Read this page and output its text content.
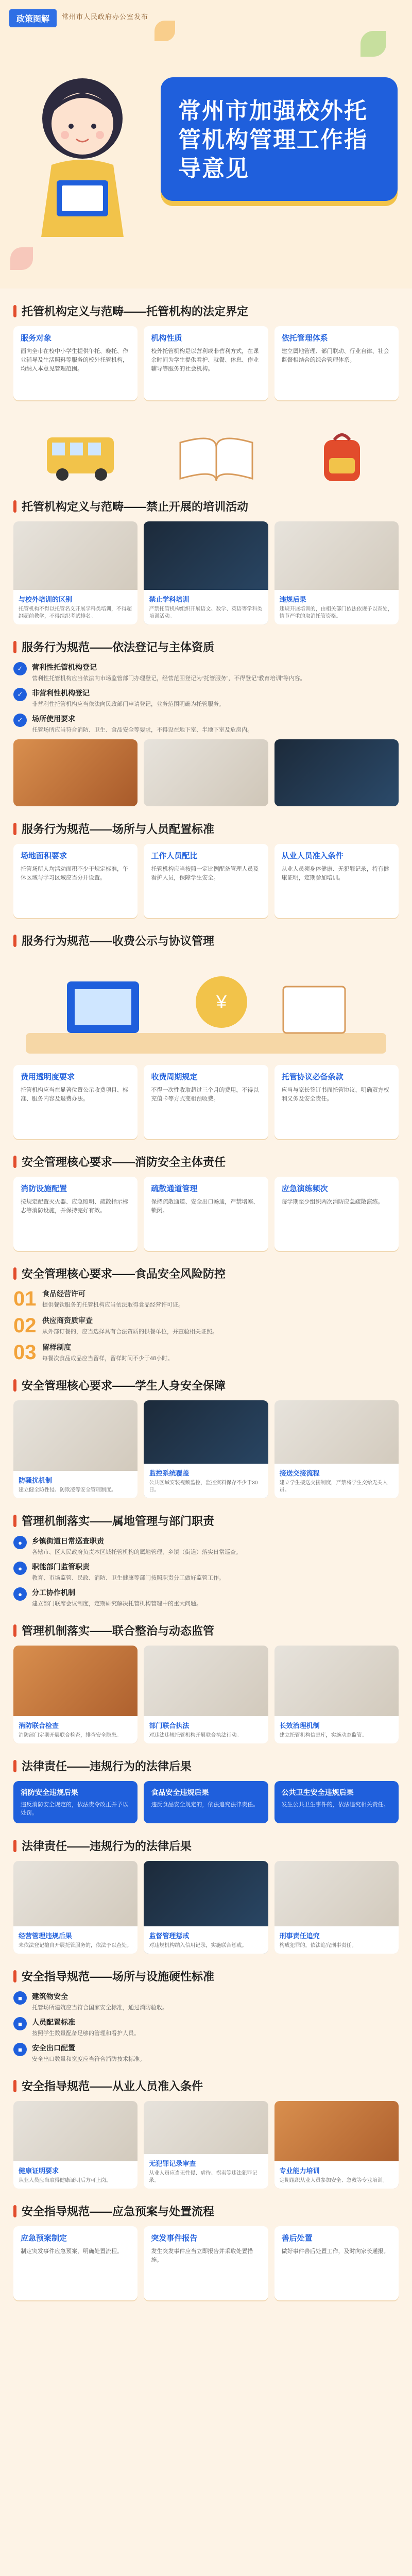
政策图解	常州市人民政府办公室发布
常州市加强校外托管机构管理工作指导意见
托管机构定义与范畴——托管机构的法定界定
服务对象

面向全市在校中小学生提供午托、晚托、作业辅导及生活照料等服务的校外托管机构，均纳入本意见管理范围。

机构性质

校外托管机构是以营利或非营利方式，在课余时间为学生提供看护、就餐、休息、作业辅导等服务的社会机构。

依托管理体系

建立属地管理、部门联动、行业自律、社会监督相结合的综合管理体系。

托管机构定义与范畴——禁止开展的培训活动
与校外培训的区别

托管机构不得以托管名义开展学科类培训，不得超纲超前教学，不得组织考试排名。

禁止学科培训

严禁托管机构组织开展语文、数学、英语等学科类培训活动。

违规后果

违规开展培训的，由相关部门依法依规予以查处，情节严重的取消托管资格。

服务行为规范——依法登记与主体资质
✓	营利性托管机构登记

营利性托管机构应当依法向市场监管部门办理登记，经营范围登记为“托管服务”，不得登记“教育培训”等内容。

✓	非营利性机构登记

非营利性托管机构应当依法向民政部门申请登记，业务范围明确为托管服务。

✓	场所使用要求

托管场所应当符合消防、卫生、食品安全等要求，不得设在地下室、半地下室及危房内。

服务行为规范——场所与人员配置标准
场地面积要求

托管场所人均活动面积不少于规定标准，午休区域与学习区域应当分开设置。

工作人员配比

托管机构应当按照一定比例配备管理人员及看护人员，保障学生安全。

从业人员准入条件

从业人员须身体健康、无犯罪记录，持有健康证明，定期参加培训。

服务行为规范——收费公示与协议管理
¥
费用透明度要求

托管机构应当在显著位置公示收费项目、标准、服务内容及退费办法。

收费周期规定

不得一次性收取超过三个月的费用，不得以充值卡等方式变相预收费。

托管协议必备条款

应当与家长签订书面托管协议，明确双方权利义务及安全责任。

安全管理核心要求——消防安全主体责任
消防设施配置

按规定配置灭火器、应急照明、疏散指示标志等消防设施，并保持完好有效。

疏散通道管理

保持疏散通道、安全出口畅通，严禁堵塞、锁闭。

应急演练频次

每学期至少组织两次消防应急疏散演练。

安全管理核心要求——食品安全风险防控
01 食品经营许可

提供餐饮服务的托管机构应当依法取得食品经营许可证。

02 供应商资质审查

从外部订餐的，应当选择具有合法资质的供餐单位，并查验相关证照。

03 留样制度

每餐次食品成品应当留样，留样时间不少于48小时。

安全管理核心要求——学生人身安全保障
防骚扰机制

建立健全防性侵、防欺凌等安全管理制度。

监控系统覆盖

公共区域安装视频监控，监控资料保存不少于30日。

接送交接流程

建立学生接送交接制度，严禁将学生交给无关人员。

管理机制落实——属地管理与部门职责
●	乡镇街道日常巡查职责

各辖市、区人民政府负责本区域托管机构的属地管理，乡镇（街道）落实日常巡查。

●	职能部门监管职责

教育、市场监管、民政、消防、卫生健康等部门按照职责分工做好监管工作。

●	分工协作机制

建立部门联席会议制度，定期研究解决托管机构管理中的重大问题。

管理机制落实——联合整治与动态监管
消防联合检查

消防部门定期开展联合检查，排查安全隐患。

部门联合执法

对违法违规托管机构开展联合执法行动。

长效治理机制

建立托管机构信息库，实施动态监管。

法律责任——违规行为的法律后果
消防安全违规后果

违反消防安全规定的，依法责令改正并予以处罚。

食品安全违规后果

违反食品安全规定的，依法追究法律责任。

公共卫生安全违规后果

发生公共卫生事件的，依法追究相关责任。

法律责任——违规行为的法律后果
经营管理违规后果

未依法登记擅自开展托管服务的，依法予以查处。

监督管理惩戒

对违规机构纳入信用记录，实施联合惩戒。

刑事责任追究

构成犯罪的，依法追究刑事责任。

安全指导规范——场所与设施硬性标准
■	建筑物安全

托管场所建筑应当符合国家安全标准，通过消防验收。

■	人员配置标准

按照学生数量配备足够的管理和看护人员。

■	安全出口配置

安全出口数量和宽度应当符合消防技术标准。

安全指导规范——从业人员准入条件
健康证明要求

从业人员应当取得健康证明后方可上岗。

无犯罪记录审查

从业人员应当无性侵、虐待、拐卖等违法犯罪记录。

专业能力培训

定期组织从业人员参加安全、急救等专业培训。

安全指导规范——应急预案与处置流程
应急预案制定

制定突发事件应急预案，明确处置流程。

突发事件报告

发生突发事件应当立即报告并采取处置措施。

善后处置

做好事件善后处置工作，及时向家长通报。
